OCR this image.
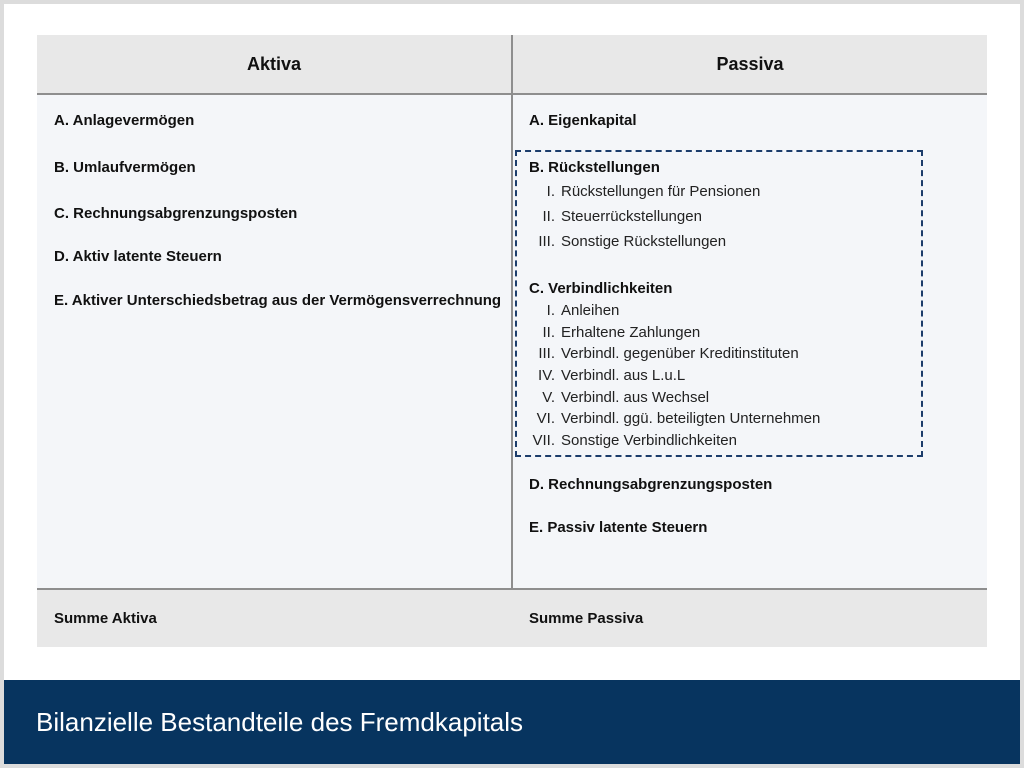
Aktiva	Passiva
A. Anlagevermögen
B. Umlaufvermögen
C. Rechnungsabgrenzungsposten
D. Aktiv latente Steuern
E. Aktiver Unterschiedsbetrag aus der Vermögensverrechnung
Summe Aktiva
A. Eigenkapital
B. Rückstellungen
I. Rückstellungen für Pensionen
II. Steuerrückstellungen
III. Sonstige Rückstellungen
C. Verbindlichkeiten
I. Anleihen
II. Erhaltene Zahlungen
III. Verbindl. gegenüber Kreditinstituten
IV. Verbindl. aus L.u.L
V. Verbindl. aus Wechsel
VI. Verbindl. ggü. beteiligten Unternehmen
VII. Sonstige Verbindlichkeiten
D. Rechnungsabgrenzungsposten
E. Passiv latente Steuern
Summe Passiva
Bilanzielle Bestandteile des Fremdkapitals
